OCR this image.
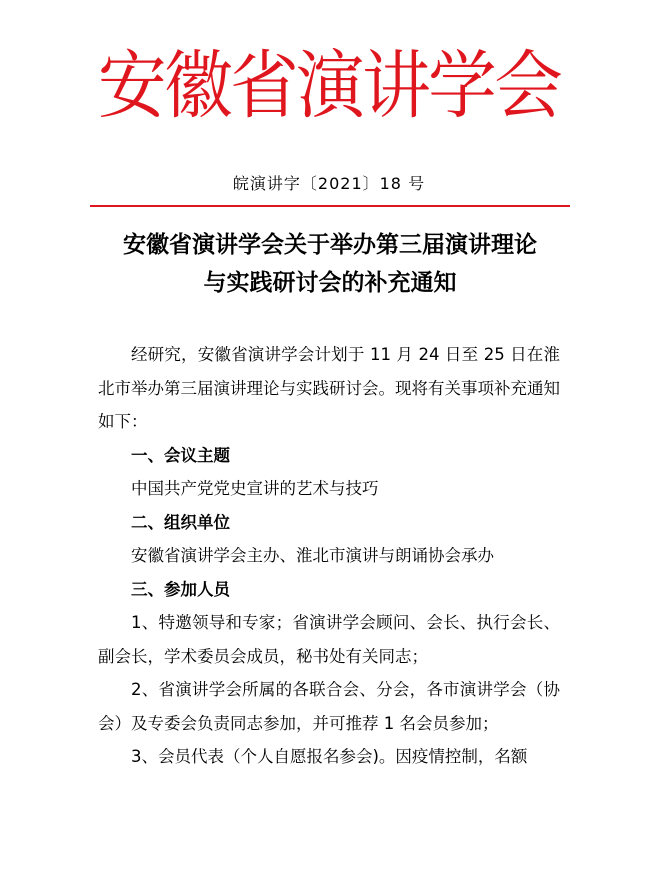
安徽省演讲学会
皖演讲字〔2021〕18 号
安徽省演讲学会关于举办第三届演讲理论
与实践研讨会的补充通知

经研究，安徽省演讲学会计划于 11 月 24 日至 25 日在淮北市举办第三届演讲理论与实践研讨会。现将有关事项补充通知如下：

一、会议主题

中国共产党党史宣讲的艺术与技巧

二、组织单位

安徽省演讲学会主办、淮北市演讲与朗诵协会承办

三、参加人员

1、特邀领导和专家；省演讲学会顾问、会长、执行会长、副会长，学术委员会成员，秘书处有关同志；

2、省演讲学会所属的各联合会、分会，各市演讲学会（协会）及专委会负责同志参加，并可推荐 1 名会员参加；

3、会员代表（个人自愿报名参会)。因疫情控制，名额
